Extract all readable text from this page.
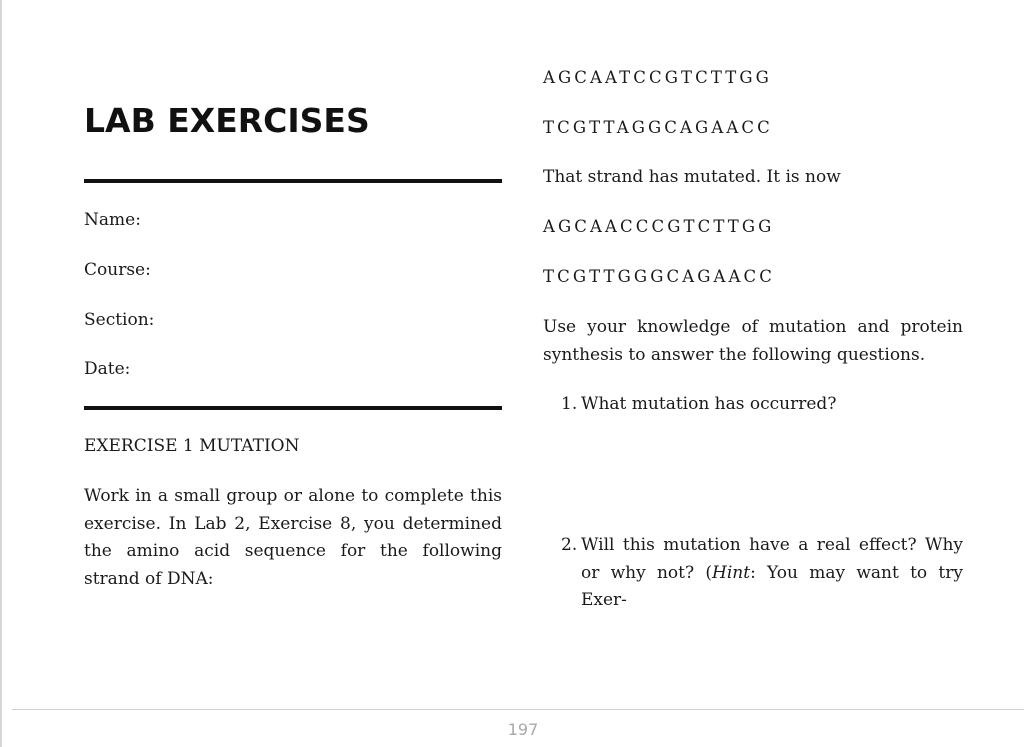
LAB EXERCISES
Name:
Course:
Section:
Date:
EXERCISE 1 MUTATION
Work in a small group or alone to complete this exercise. In Lab 2, Exercise 8, you determined the amino acid sequence for the following strand of DNA:
AGCAATCCGTCTTGG
TCGTTAGGCAGAACC
That strand has mutated. It is now
AGCAACCCGTCTTGG
TCGTTGGGCAGAACC
Use your knowledge of mutation and protein synthesis to answer the following questions.
1. What mutation has occurred?
2. Will this mutation have a real effect? Why or why not? (Hint: You may want to try Exer-
197
